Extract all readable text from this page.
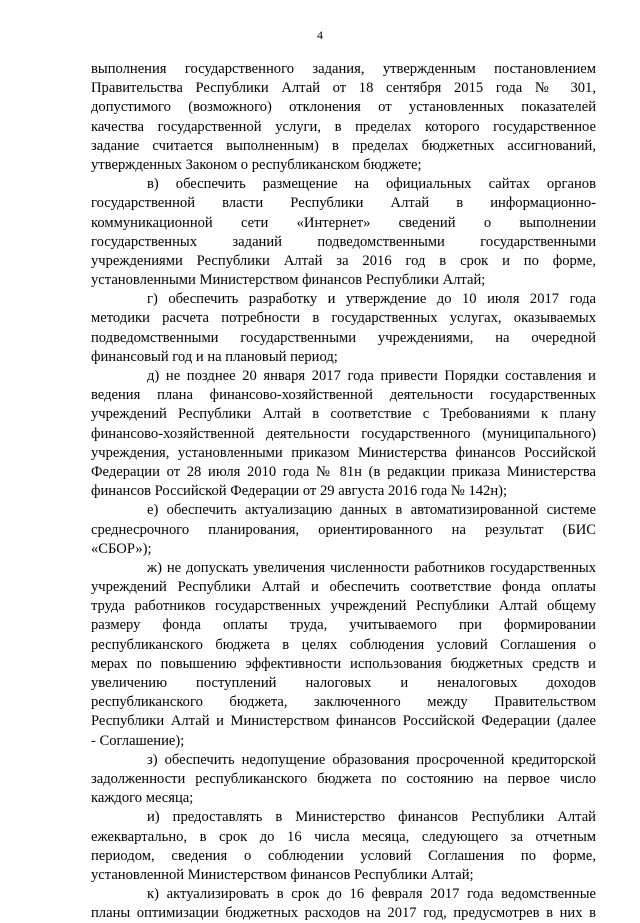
4
выполнения государственного задания, утвержденным постановлением
Правительства Республики Алтай от 18 сентября 2015 года № 301,
допустимого (возможного) отклонения от установленных показателей
качества государственной услуги, в пределах которого государственное
задание считается выполненным) в пределах бюджетных ассигнований,
утвержденных Законом о республиканском бюджете;
в) обеспечить размещение на официальных сайтах органов
государственной власти Республики Алтай в информационно-
коммуникационной сети «Интернет» сведений о выполнении
государственных заданий подведомственными государственными
учреждениями Республики Алтай за 2016 год в срок и по форме,
установленными Министерством финансов Республики Алтай;
г) обеспечить разработку и утверждение до 10 июля 2017 года
методики расчета потребности в государственных услугах, оказываемых
подведомственными государственными учреждениями, на очередной
финансовый год и на плановый период;
д) не позднее 20 января 2017 года привести Порядки составления и
ведения плана финансово-хозяйственной деятельности государственных
учреждений Республики Алтай в соответствие с Требованиями к плану
финансово-хозяйственной деятельности государственного (муниципального)
учреждения, установленными приказом Министерства финансов Российской
Федерации от 28 июля 2010 года № 81н (в редакции приказа Министерства
финансов Российской Федерации от 29 августа 2016 года № 142н);
е) обеспечить актуализацию данных в автоматизированной системе
среднесрочного планирования, ориентированного на результат (БИС
«СБОР»);
ж) не допускать увеличения численности работников государственных
учреждений Республики Алтай и обеспечить соответствие фонда оплаты
труда работников государственных учреждений Республики Алтай общему
размеру фонда оплаты труда, учитываемого при формировании
республиканского бюджета в целях соблюдения условий Соглашения о
мерах по повышению эффективности использования бюджетных средств и
увеличению поступлений налоговых и неналоговых доходов
республиканского бюджета, заключенного между Правительством
Республики Алтай и Министерством финансов Российской Федерации (далее
- Соглашение);
з) обеспечить недопущение образования просроченной кредиторской
задолженности республиканского бюджета по состоянию на первое число
каждого месяца;
и) предоставлять в Министерство финансов Республики Алтай
ежеквартально, в срок до 16 числа месяца, следующего за отчетным
периодом, сведения о соблюдении условий Соглашения по форме,
установленной Министерством финансов Республики Алтай;
к) актуализировать в срок до 16 февраля 2017 года ведомственные
планы оптимизации бюджетных расходов на 2017 год, предусмотрев в них в
